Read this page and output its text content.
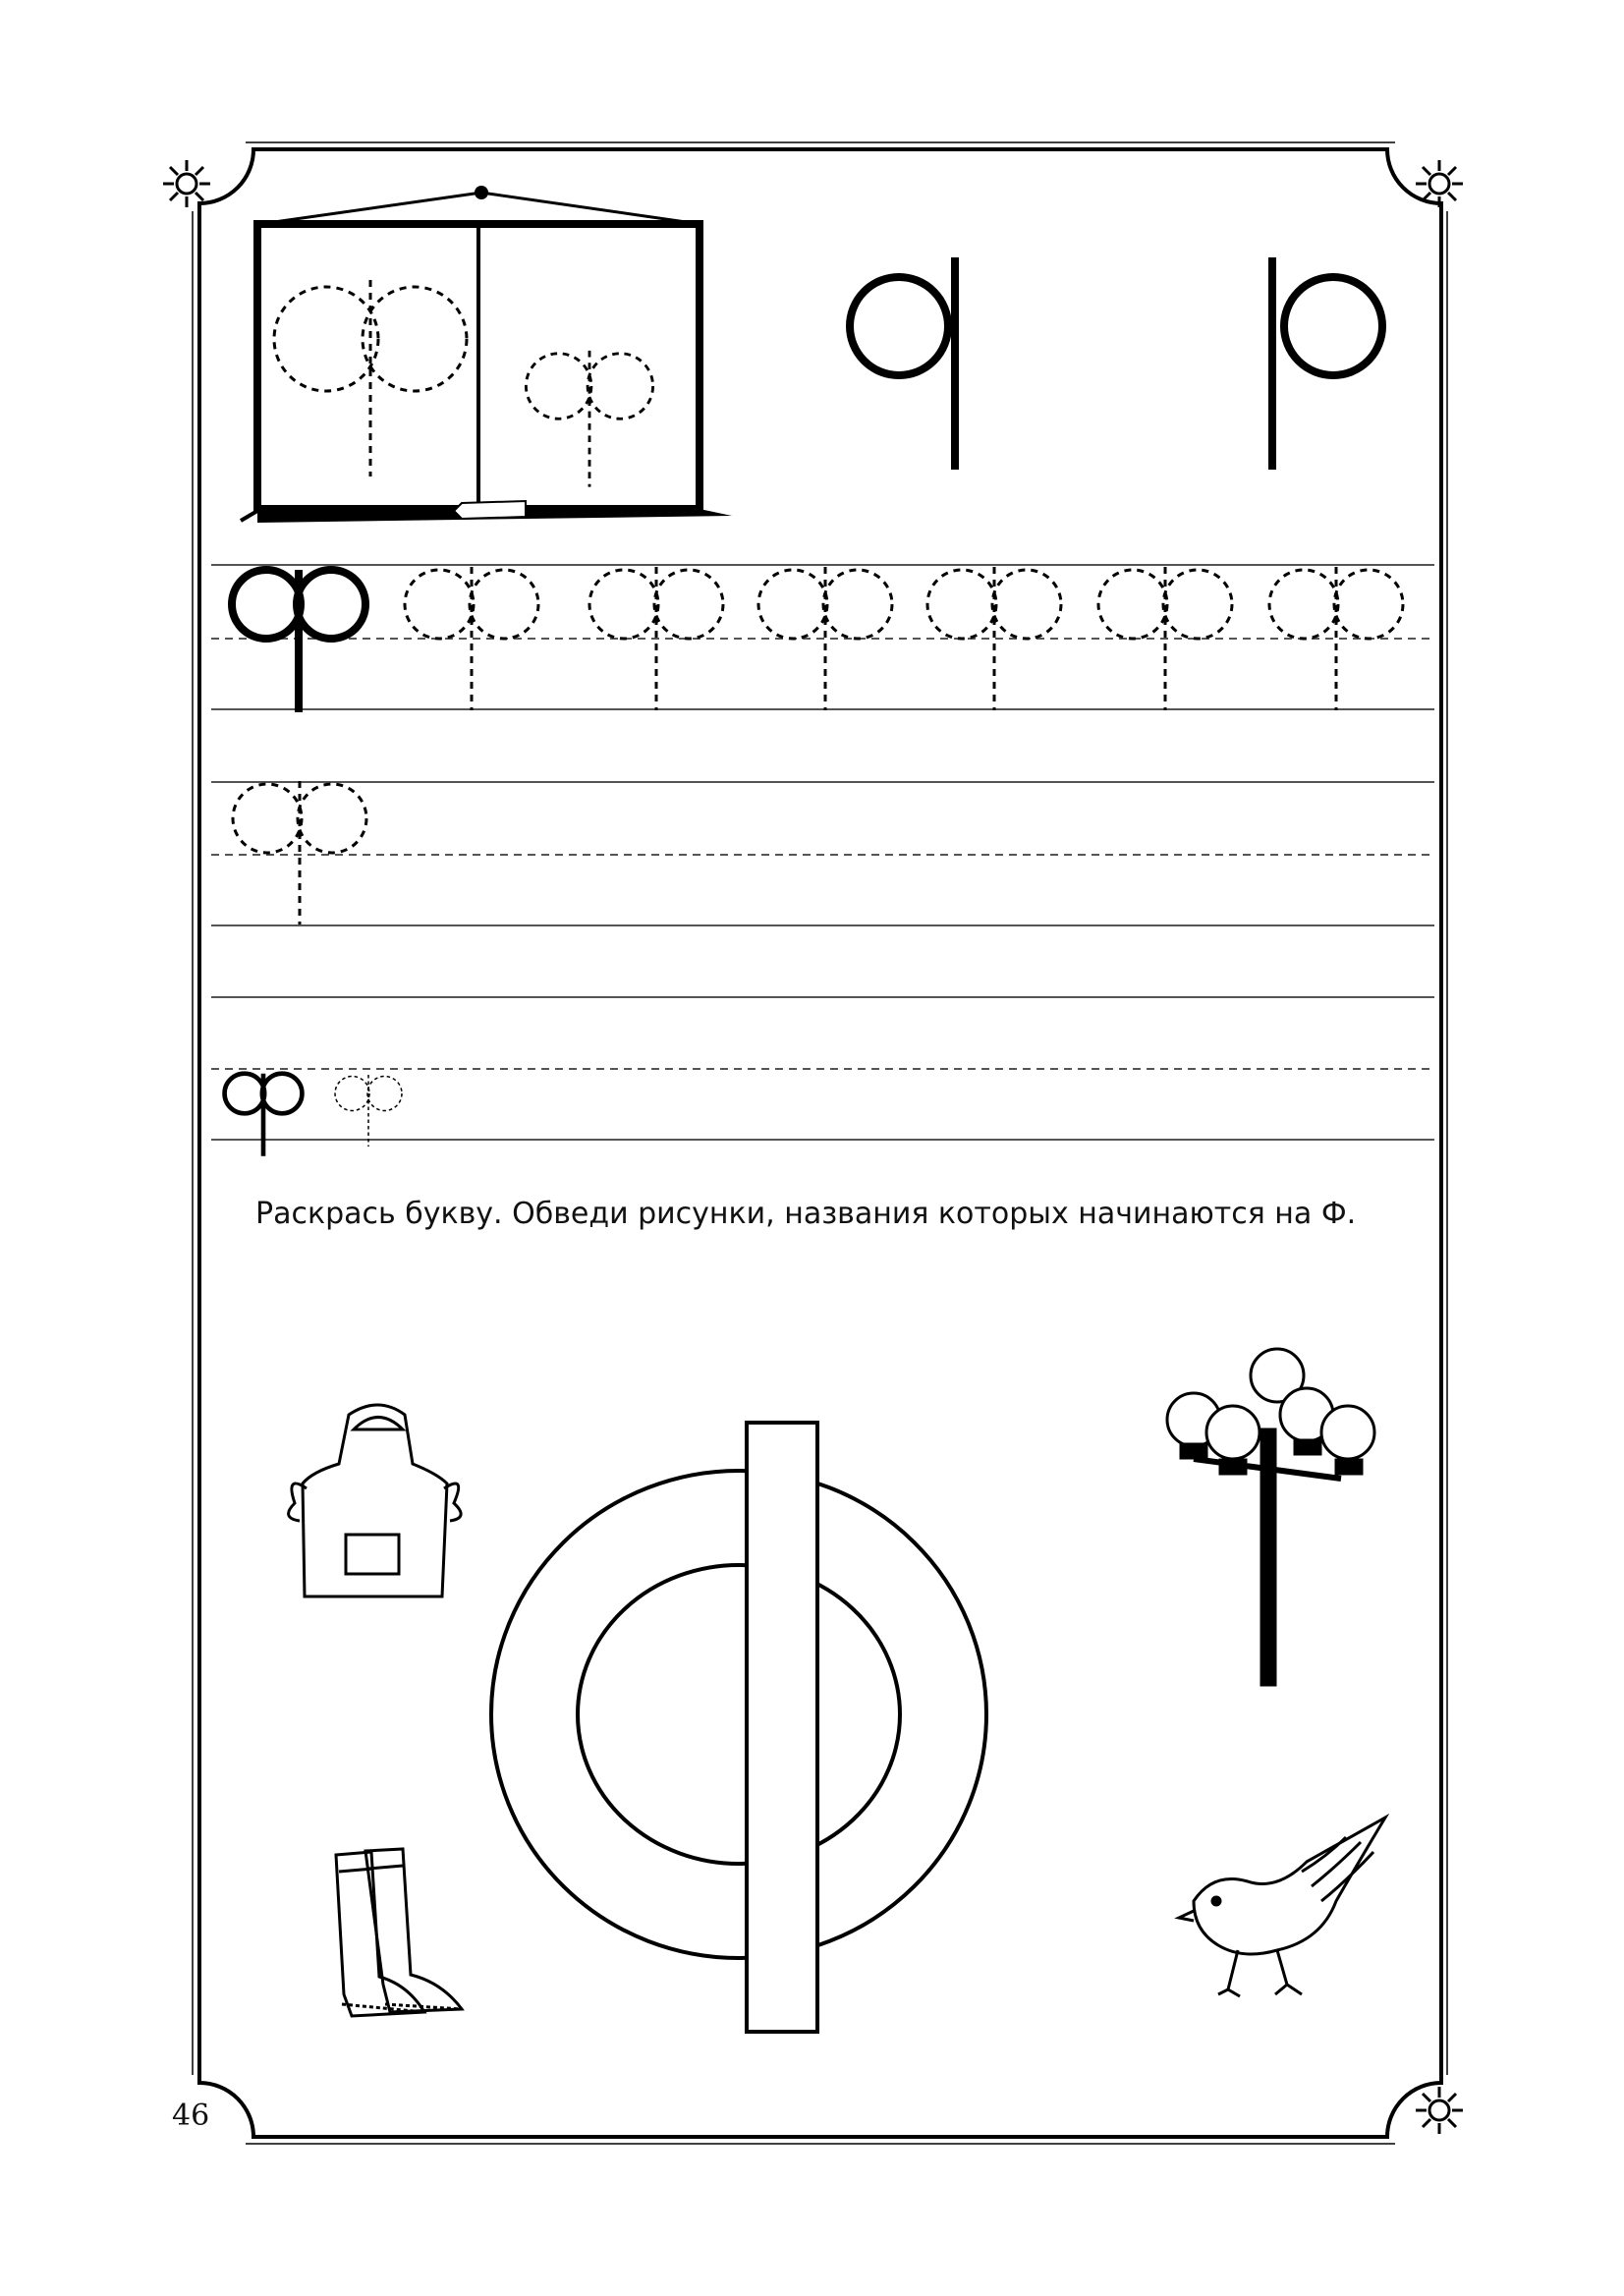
Раскрась букву. Обведи рисунки, названия которых начинаются на Ф.

46
